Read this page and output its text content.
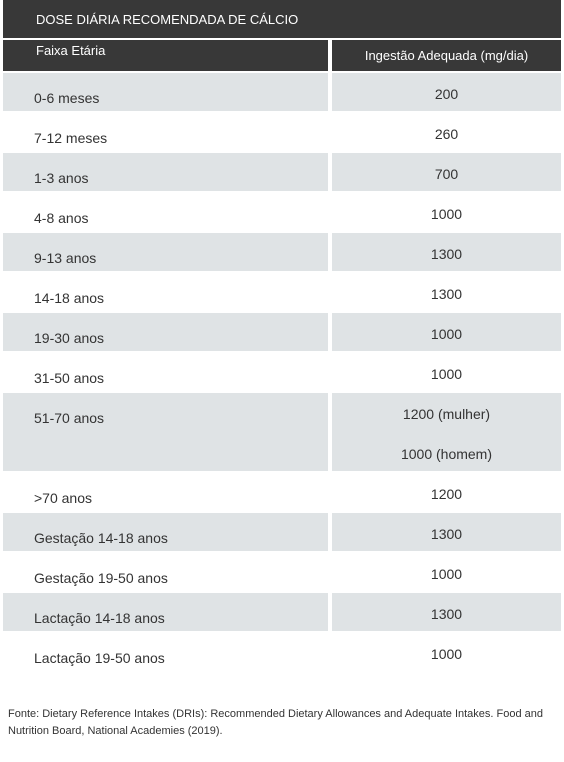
DOSE DIÁRIA RECOMENDADA DE CÁLCIO
Faixa Etária	Ingestão Adequada (mg/dia)
0-6 meses	200
7-12 meses	260
1-3 anos	700
4-8 anos	1000
9-13 anos	1300
14-18 anos	1300
19-30 anos	1000
31-50 anos	1000
51-70 anos	1200 (mulher)
1000 (homem)
>70 anos	1200
Gestação 14-18 anos	1300
Gestação 19-50 anos	1000
Lactação 14-18 anos	1300
Lactação 19-50 anos	1000
Fonte: Dietary Reference Intakes (DRIs): Recommended Dietary Allowances and Adequate Intakes. Food and Nutrition Board, National Academies (2019).
